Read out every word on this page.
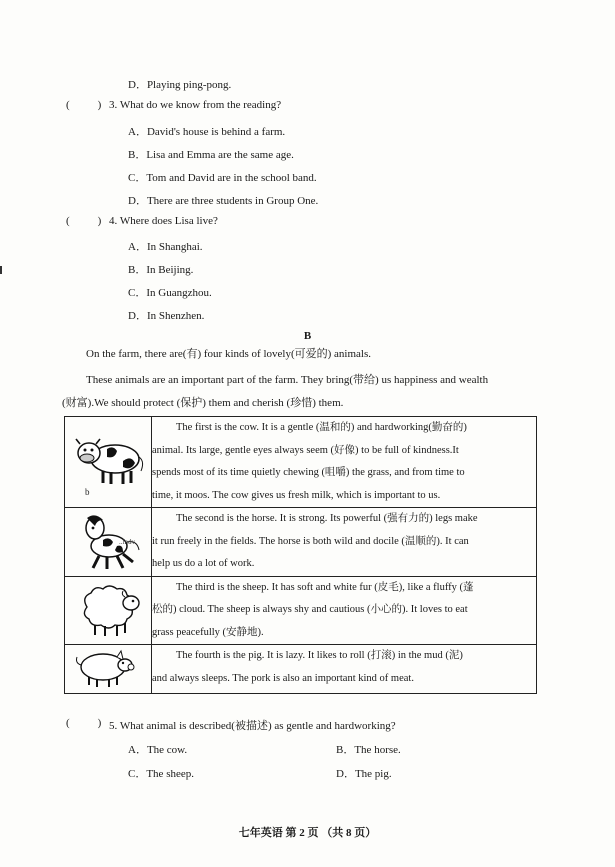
D．Playing ping-pong.
(	) 3. What do we know from the reading?
A．David's house is behind a farm.
B．Lisa and Emma are the same age.
C．Tom and David are in the school band.
D．There are three students in Group One.
(	) 4. Where does Lisa live?
A．In Shanghai.
B．In Beijing.
C．In Guangzhou.
D．In Shenzhen.
B
On the farm, there are(有) four kinds of lovely(可爱的) animals.
These animals are an important part of the farm. They bring(带给) us happiness and wealth
(财富).We should protect (保护) them and cherish (珍惜) them.
b	The first is the cow. It is a gentle (温和的) and hardworking(勤奋的)
animal. Its large, gentle eyes always seem (好像) to be full of kindness.It
spends most of its time quietly chewing (咀嚼) the grass, and from time to
time, it moos. The cow gives us fresh milk, which is important to us.

..indv	The second is the horse. It is strong. Its powerful (强有力的) legs make
it run freely in the fields. The horse is both wild and docile (温顺的). It can
help us do a lot of work.

The third is the sheep. It has soft and white fur (皮毛), like a fluffy (蓬
松的) cloud. The sheep is always shy and cautious (小心的). It loves to eat
grass peacefully (安静地).

The fourth is the pig. It is lazy. It likes to roll (打滚) in the mud (泥)
and always sleeps. The pork is also an important kind of meat.
(	) 5. What animal is described(被描述) as gentle and hardworking?
A．The cow.	B．The horse.
C．The sheep.	D．The pig.
七年英语 第 2 页 （共 8 页）
